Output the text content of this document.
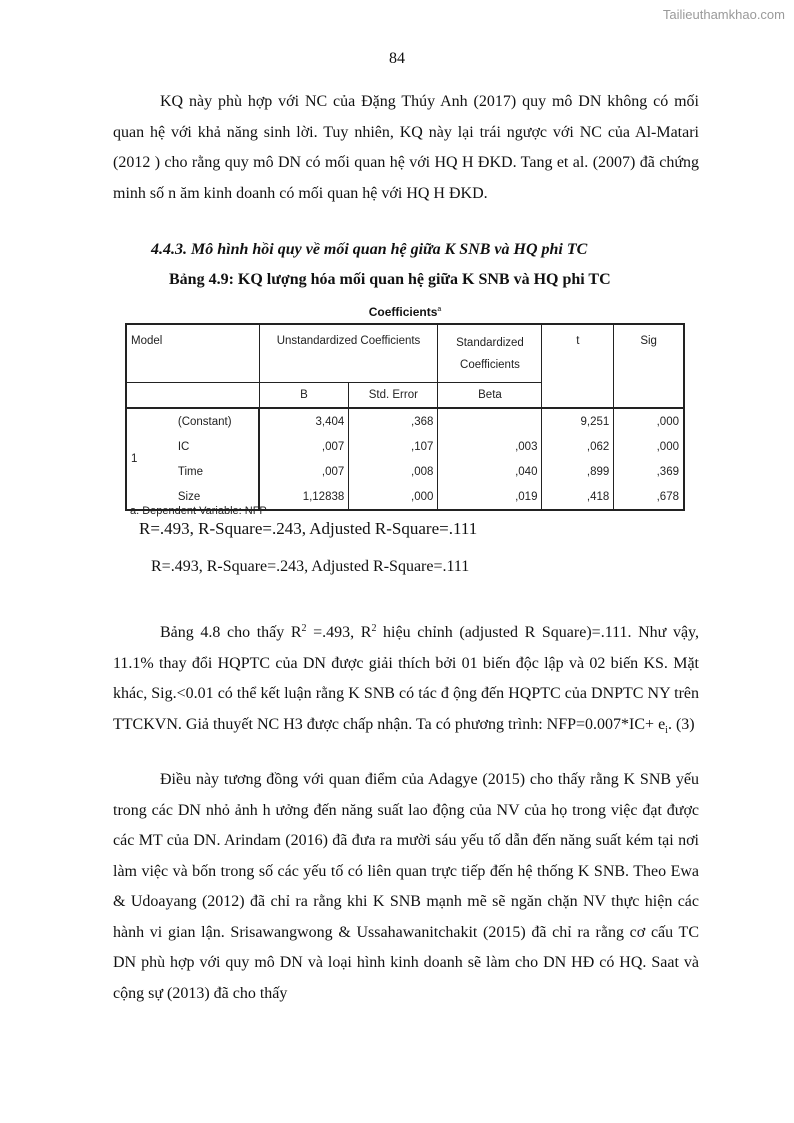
Tailieuthamkhao.com
84

KQ này phù hợp với NC của Đặng Thúy Anh (2017) quy mô DN không có mối quan hệ với khả năng sinh lời. Tuy nhiên, KQ này lại trái ngược với NC của Al-Matari (2012 ) cho rằng quy mô DN có mối quan hệ với HQ H ĐKD. Tang et al. (2007) đã chứng minh số n ăm kinh doanh có mối quan hệ với HQ H ĐKD.

4.4.3. Mô hình hồi quy về mối quan hệ giữa K SNB và HQ phi TC
Bảng 4.9: KQ lượng hóa mối quan hệ giữa K SNB và HQ phi TC
Coefficients$^a$
Model		Unstandardized Coefficients		Standardized Coefficients	t	Sig
		B	Std. Error	Beta		
1	(Constant)	3,404	,368		9,251	,000
	IC	,007	,107	,003	,062	,000
	Time	,007	,008	,040	,899	,369
	Size	1,12838	,000	,019	,418	,678
a. Dependent Variable: NFP
R=.493, R-Square=.243, Adjusted R-Square=.111
R=.493, R-Square=.243, Adjusted R-Square=.111

Bảng 4.8 cho thấy $R^2 =.493$, $R^2$ hiệu chỉnh (adjusted R Square)=.111. Như vậy, 11.1% thay đổi HQPTC của DN được giải thích bởi 01 biến độc lập và 02 biến KS. Mặt khác, Sig.<0.01 có thể kết luận rằng K SNB có tác đ ộng đến HQPTC của DNPTC NY trên TTCKVN. Giả thuyết NC H3 được chấp nhận. Ta có phương trình: $NFP=0.007*IC+ e_i$. (3)

Điều này tương đồng với quan điểm của Adagye (2015) cho thấy rằng K SNB yếu trong các DN nhỏ ảnh h ưởng đến năng suất lao động của NV của họ trong việc đạt được các MT của DN. Arindam (2016) đã đưa ra mười sáu yếu tố dẫn đến năng suất kém tại nơi làm việc và bốn trong số các yếu tố có liên quan trực tiếp đến hệ thống K SNB. Theo Ewa & Udoayang (2012) đã chỉ ra rằng khi K SNB mạnh mẽ sẽ ngăn chặn NV thực hiện các hành vi gian lận. Srisawangwong & Ussahawanitchakit (2015) đã chỉ ra rằng cơ cấu TC DN phù hợp với quy mô DN và loại hình kinh doanh sẽ làm cho DN HĐ có HQ. Saat và cộng sự (2013) đã cho thấy
